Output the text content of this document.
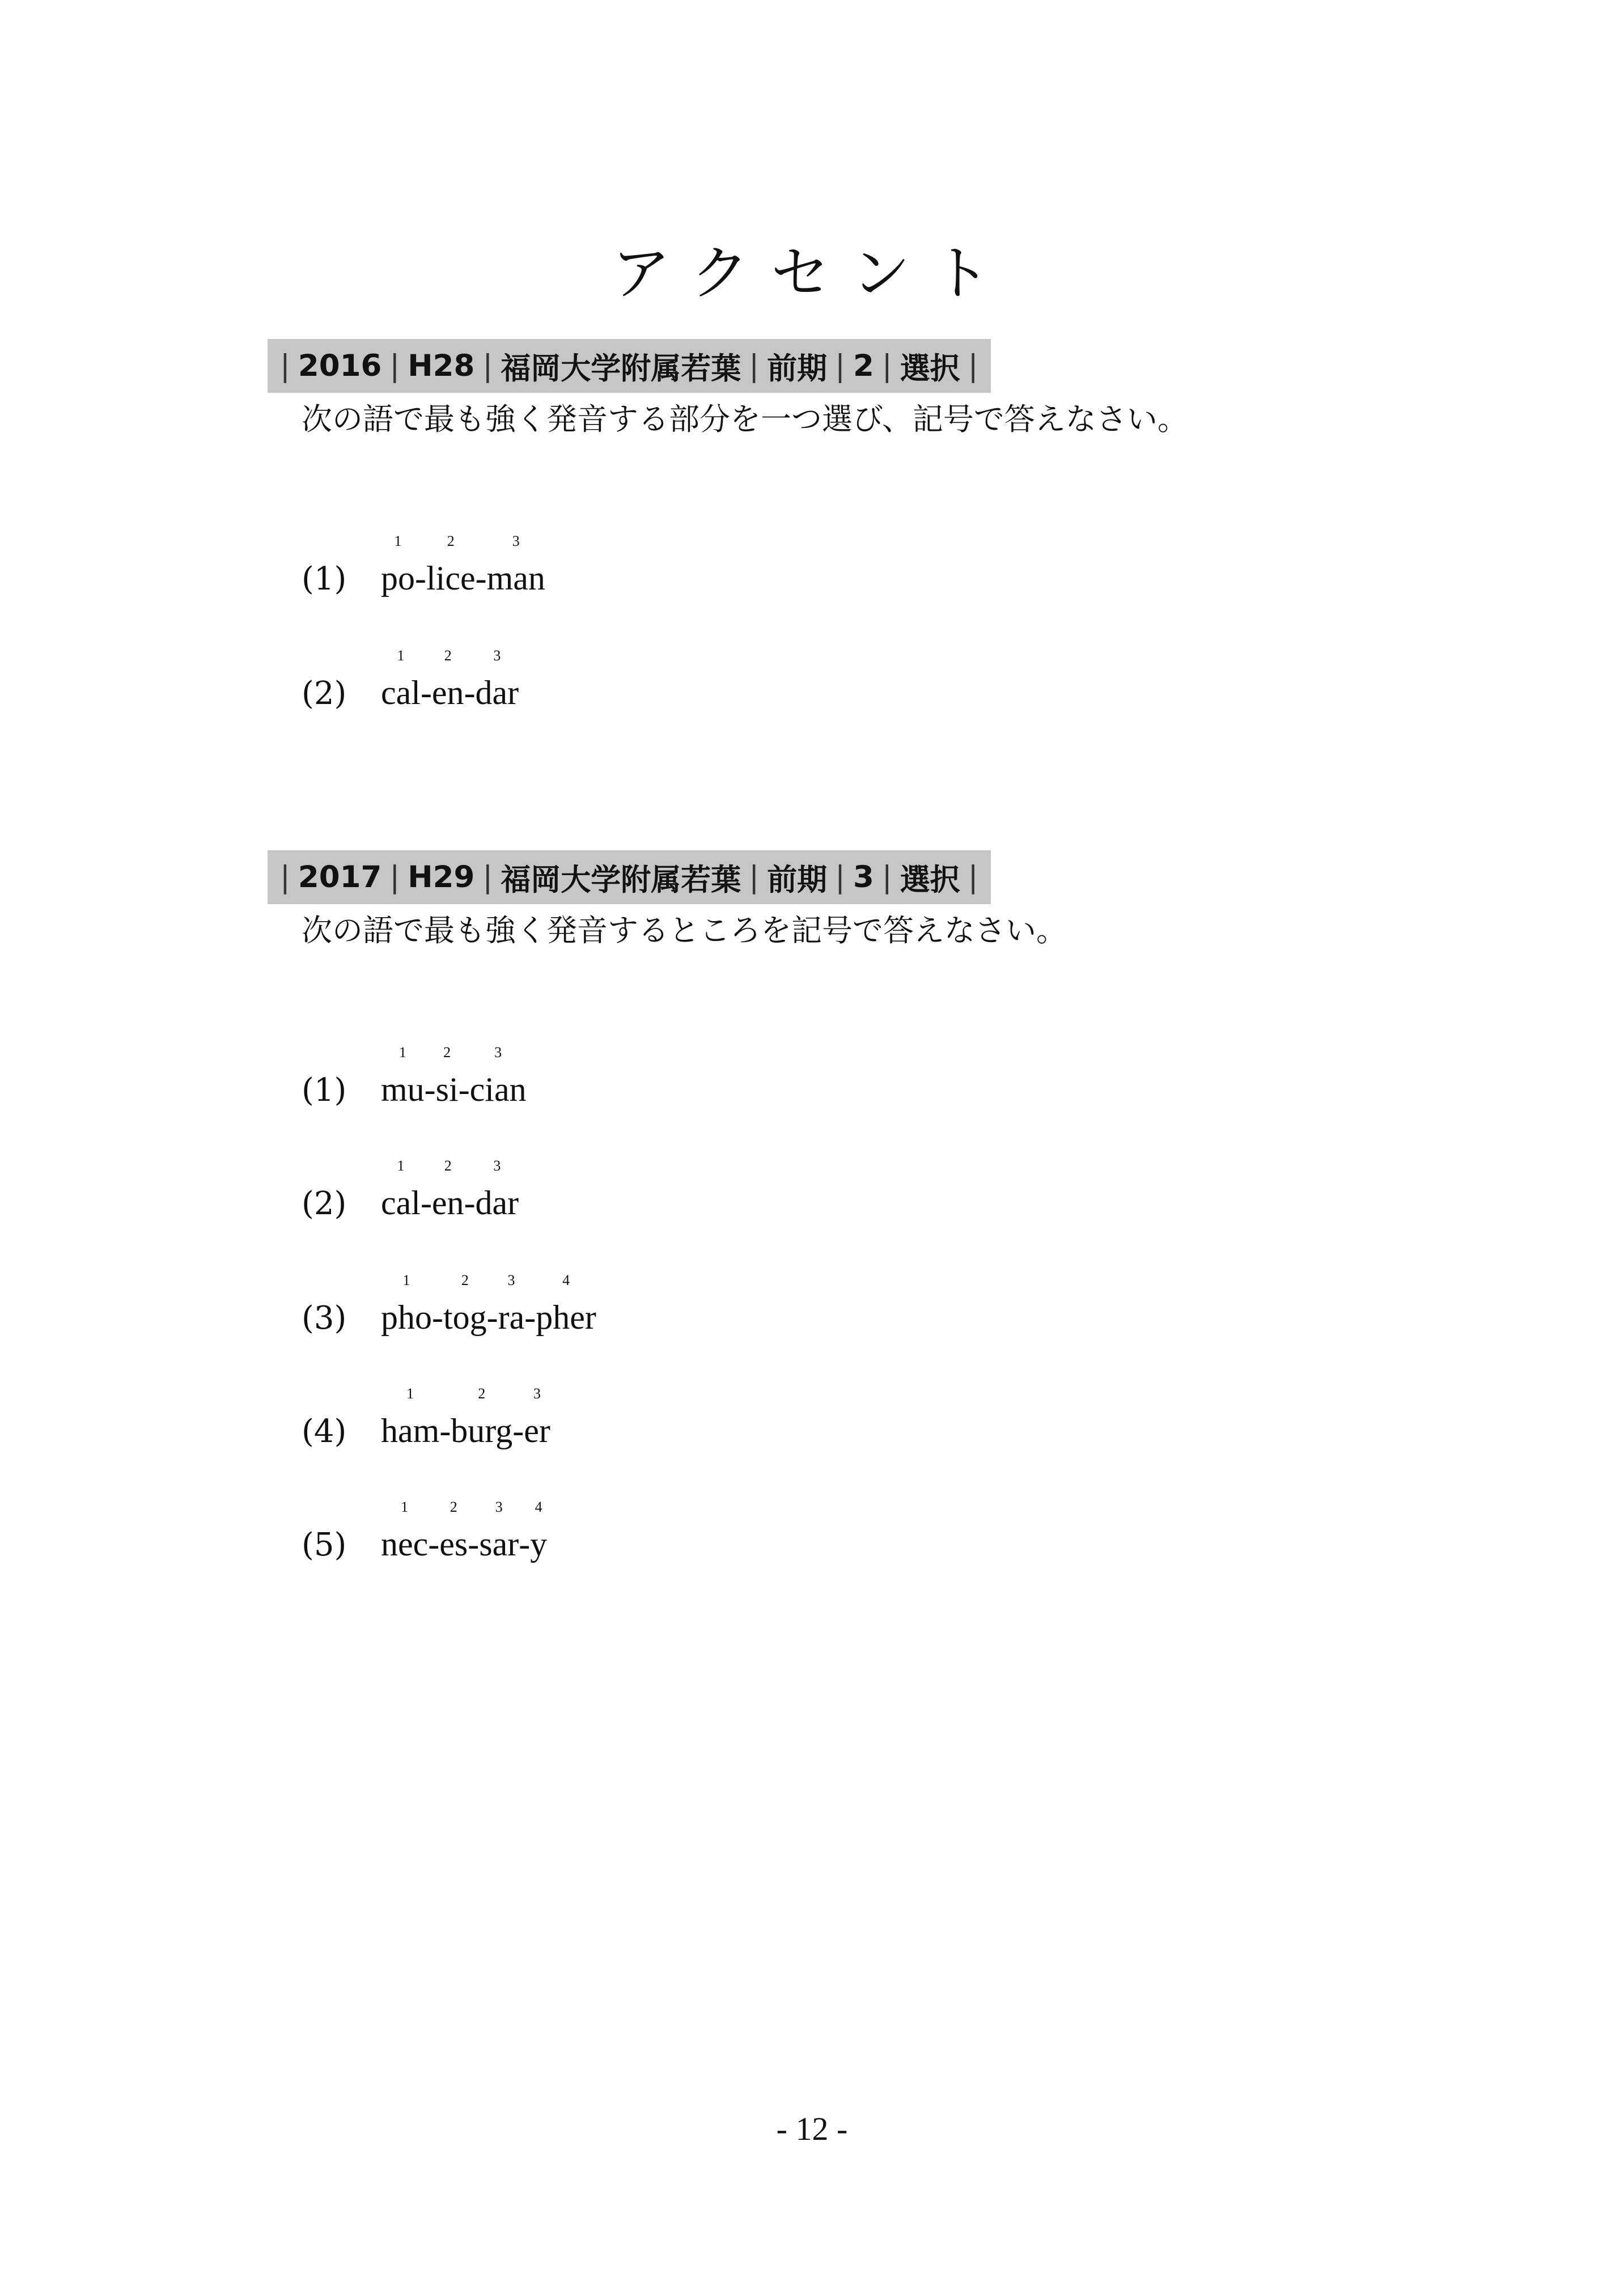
アクセント
| 2016 | H28 | 福岡大学附属若葉 | 前期 | 2 | 選択 |
次の語で最も強く発音する部分を一つ選び、記号で答えなさい。
(1)
1
po -
2
lice -
3
man
(2)
1
cal -
2
en -
3
dar
| 2017 | H29 | 福岡大学附属若葉 | 前期 | 3 | 選択 |
次の語で最も強く発音するところを記号で答えなさい。
(1)
1
mu -
2
si -
3
cian
(2)
1
cal -
2
en -
3
dar
(3)
1
pho -
2
tog -
3
ra -
4
pher
(4)
1
ham -
2
burg -
3
er
(5)
1
nec -
2
es -
3
sar -
4
y
- 12 -
